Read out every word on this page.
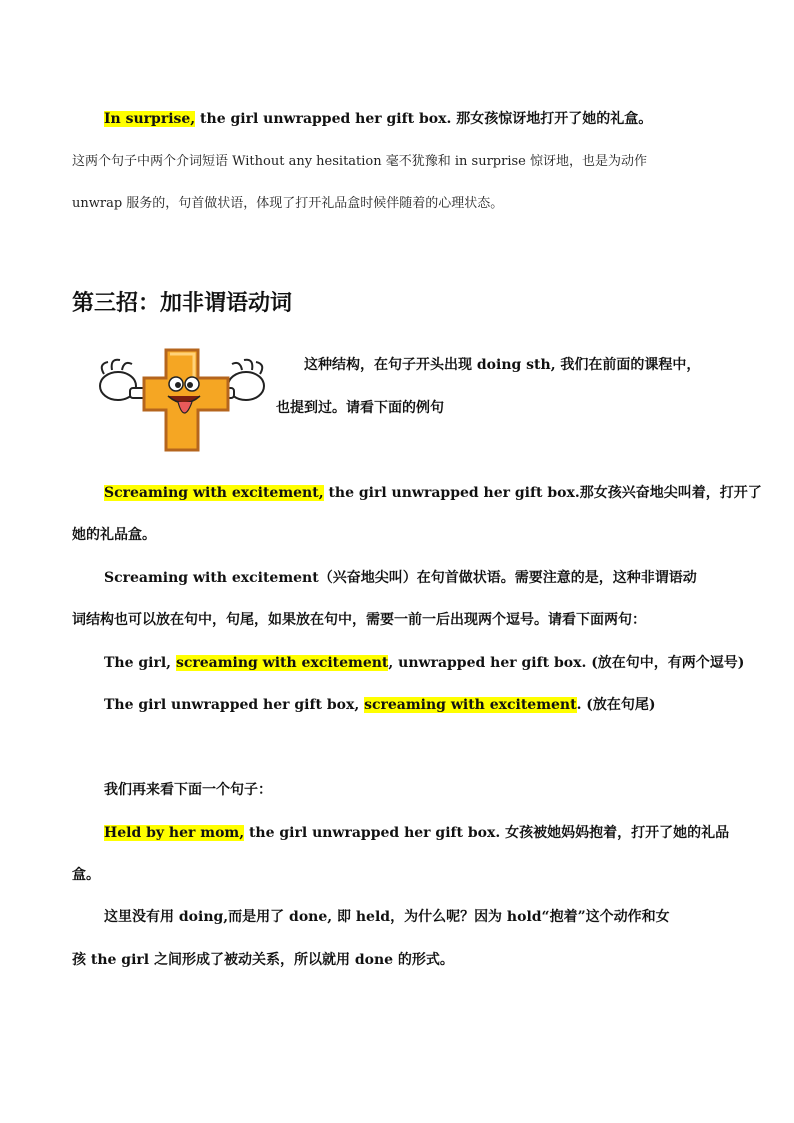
In surprise, the girl unwrapped her gift box. 那女孩惊讶地打开了她的礼盒。
这两个句子中两个介词短语 Without any hesitation 毫不犹豫和 in surprise 惊讶地，也是为动作
unwrap 服务的，句首做状语，体现了打开礼品盒时候伴随着的心理状态。
第三招：加非谓语动词
这种结构，在句子开头出现 doing sth, 我们在前面的课程中，
也提到过。请看下面的例句
Screaming with excitement, the girl unwrapped her gift box.那女孩兴奋地尖叫着，打开了
她的礼品盒。
Screaming with excitement（兴奋地尖叫）在句首做状语。需要注意的是，这种非谓语动
词结构也可以放在句中，句尾，如果放在句中，需要一前一后出现两个逗号。请看下面两句：
The girl, screaming with excitement, unwrapped her gift box. (放在句中，有两个逗号)
The girl unwrapped her gift box, screaming with excitement. (放在句尾)
我们再来看下面一个句子：
Held by her mom, the girl unwrapped her gift box. 女孩被她妈妈抱着，打开了她的礼品
盒。
这里没有用 doing,而是用了 done, 即 held，为什么呢？因为 hold“抱着”这个动作和女
孩 the girl 之间形成了被动关系，所以就用 done 的形式。
